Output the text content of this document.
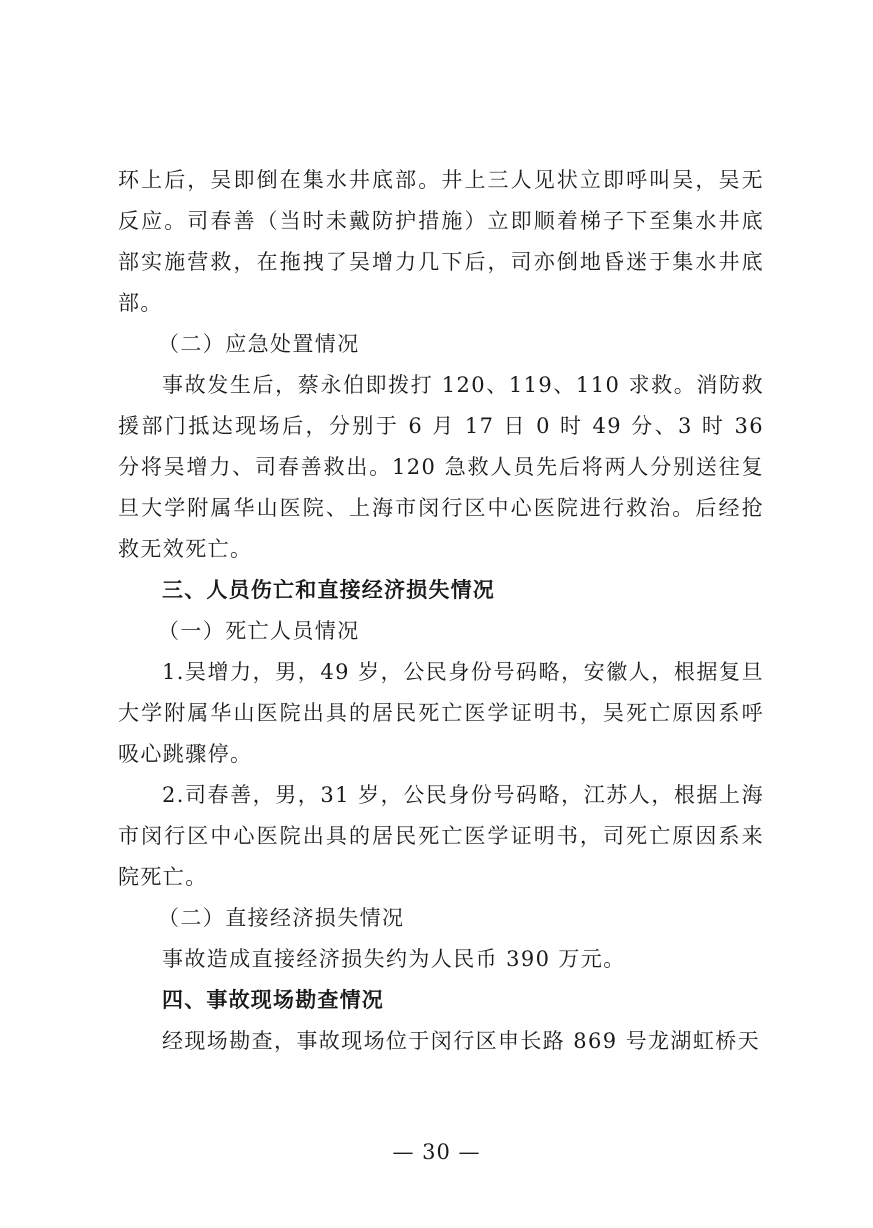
环上后，吴即倒在集水井底部。井上三人见状立即呼叫吴，吴无反应。司春善（当时未戴防护措施）立即顺着梯子下至集水井底部实施营救，在拖拽了吴增力几下后，司亦倒地昏迷于集水井底部。

（二）应急处置情况

事故发生后，蔡永伯即拨打 120、119、110 求救。消防救援部门抵达现场后，分别于 6 月 17 日 0 时 49 分、3 时 36 分将吴增力、司春善救出。120 急救人员先后将两人分别送往复旦大学附属华山医院、上海市闵行区中心医院进行救治。后经抢救无效死亡。

三、人员伤亡和直接经济损失情况

（一）死亡人员情况

1.吴增力，男，49 岁，公民身份号码略，安徽人，根据复旦大学附属华山医院出具的居民死亡医学证明书，吴死亡原因系呼吸心跳骤停。

2.司春善，男，31 岁，公民身份号码略，江苏人，根据上海市闵行区中心医院出具的居民死亡医学证明书，司死亡原因系来院死亡。

（二）直接经济损失情况

事故造成直接经济损失约为人民币 390 万元。

四、事故现场勘查情况

经现场勘查，事故现场位于闵行区申长路 869 号龙湖虹桥天

— 30 —
